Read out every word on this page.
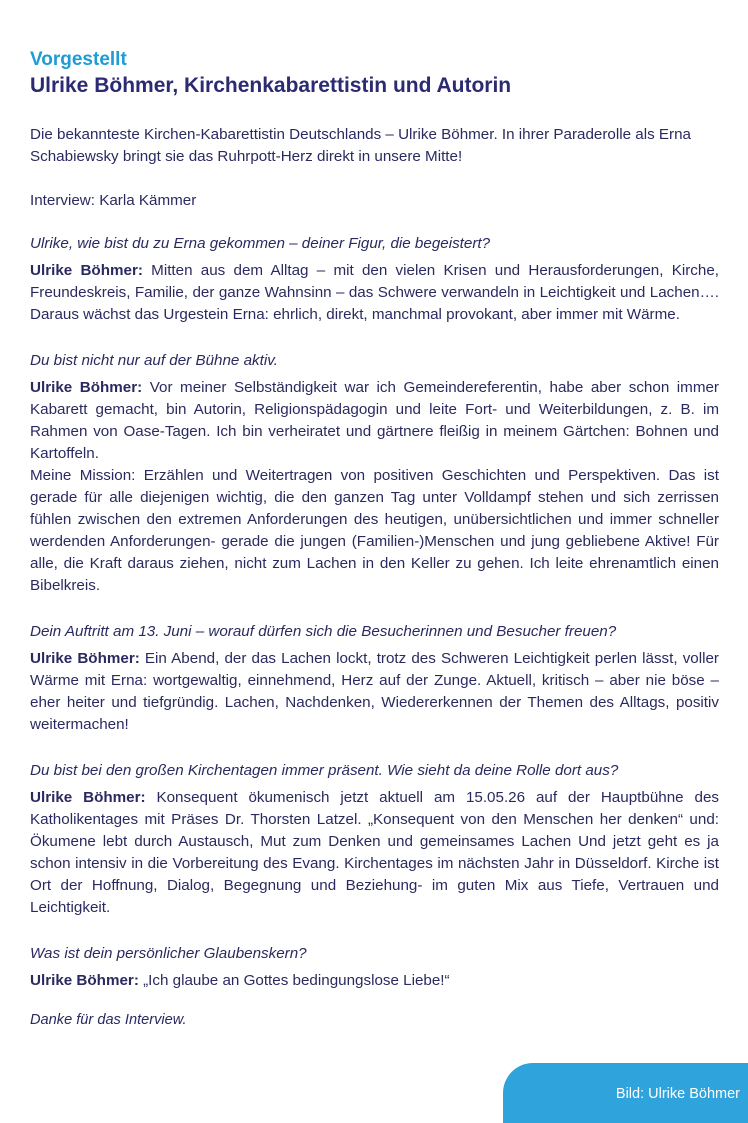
Vorgestellt
Ulrike Böhmer, Kirchenkabarettistin und Autorin

Die bekannteste Kirchen-Kabarettistin Deutschlands – Ulrike Böhmer. In ihrer Paraderolle als Erna Schabiewsky bringt sie das Ruhrpott-Herz direkt in unsere Mitte!

Interview: Karla Kämmer

Ulrike, wie bist du zu Erna gekommen – deiner Figur, die begeistert?

Ulrike Böhmer: Mitten aus dem Alltag – mit den vielen Krisen und Herausforderungen, Kirche, Freundeskreis, Familie, der ganze Wahnsinn – das Schwere verwandeln in Leichtigkeit und Lachen…. Daraus wächst das Urgestein Erna: ehrlich, direkt, manchmal provokant, aber immer mit Wärme.

Du bist nicht nur auf der Bühne aktiv.

Ulrike Böhmer: Vor meiner Selbständigkeit war ich Gemeindereferentin, habe aber schon immer Kabarett gemacht, bin Autorin, Religionspädagogin und leite Fort- und Weiterbildungen, z. B. im Rahmen von Oase-Tagen. Ich bin verheiratet und gärtnere fleißig in meinem Gärtchen: Bohnen und Kartoffeln.

Meine Mission: Erzählen und Weitertragen von positiven Geschichten und Perspektiven. Das ist gerade für alle diejenigen wichtig, die den ganzen Tag unter Volldampf stehen und sich zerrissen fühlen zwischen den extremen Anforderungen des heutigen, unübersichtlichen und immer schneller werdenden Anforderungen- gerade die jungen (Familien-)Menschen und jung gebliebene Aktive! Für alle, die Kraft daraus ziehen, nicht zum Lachen in den Keller zu gehen. Ich leite ehrenamtlich einen Bibelkreis.

Dein Auftritt am 13. Juni – worauf dürfen sich die Besucherinnen und Besucher freuen?

Ulrike Böhmer: Ein Abend, der das Lachen lockt, trotz des Schweren Leichtigkeit perlen lässt, voller Wärme mit Erna: wortgewaltig, einnehmend, Herz auf der Zunge. Aktuell, kritisch – aber nie böse – eher heiter und tiefgründig. Lachen, Nachdenken, Wiedererkennen der Themen des Alltags, positiv weitermachen!

Du bist bei den großen Kirchentagen immer präsent. Wie sieht da deine Rolle dort aus?

Ulrike Böhmer: Konsequent ökumenisch jetzt aktuell am 15.05.26 auf der Hauptbühne des Katholikentages mit Präses Dr. Thorsten Latzel. „Konsequent von den Menschen her denken“ und: Ökumene lebt durch Austausch, Mut zum Denken und gemeinsames Lachen Und jetzt geht es ja schon intensiv in die Vorbereitung des Evang. Kirchentages im nächsten Jahr in Düsseldorf. Kirche ist Ort der Hoffnung, Dialog, Begegnung und Beziehung- im guten Mix aus Tiefe, Vertrauen und Leichtigkeit.

Was ist dein persönlicher Glaubenskern?

Ulrike Böhmer: „Ich glaube an Gottes bedingungslose Liebe!“

Danke für das Interview.

Bild: Ulrike Böhmer
